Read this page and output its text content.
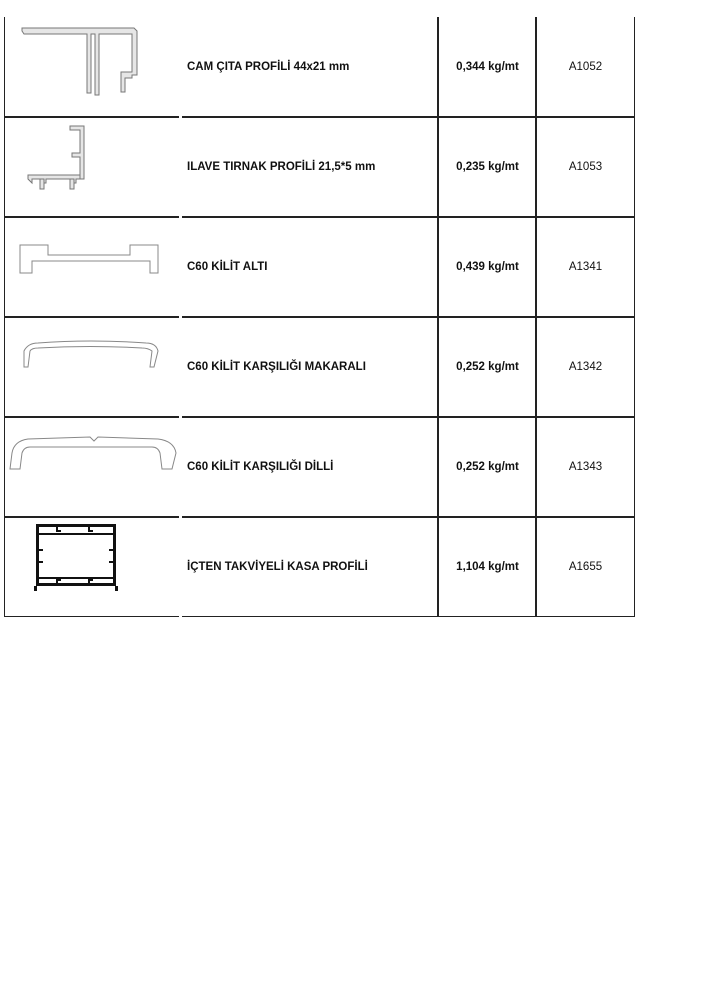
CAM ÇITA PROFİLİ 44x21 mm	0,344 kg/mt	A1052
ILAVE TIRNAK PROFİLİ 21,5*5 mm	0,235 kg/mt	A1053
C60 KİLİT ALTI	0,439 kg/mt	A1341
C60 KİLİT KARŞILIĞI MAKARALI	0,252 kg/mt	A1342
C60 KİLİT KARŞILIĞI DİLLİ	0,252 kg/mt	A1343
İÇTEN TAKVİYELİ KASA PROFİLİ	1,104 kg/mt	A1655
